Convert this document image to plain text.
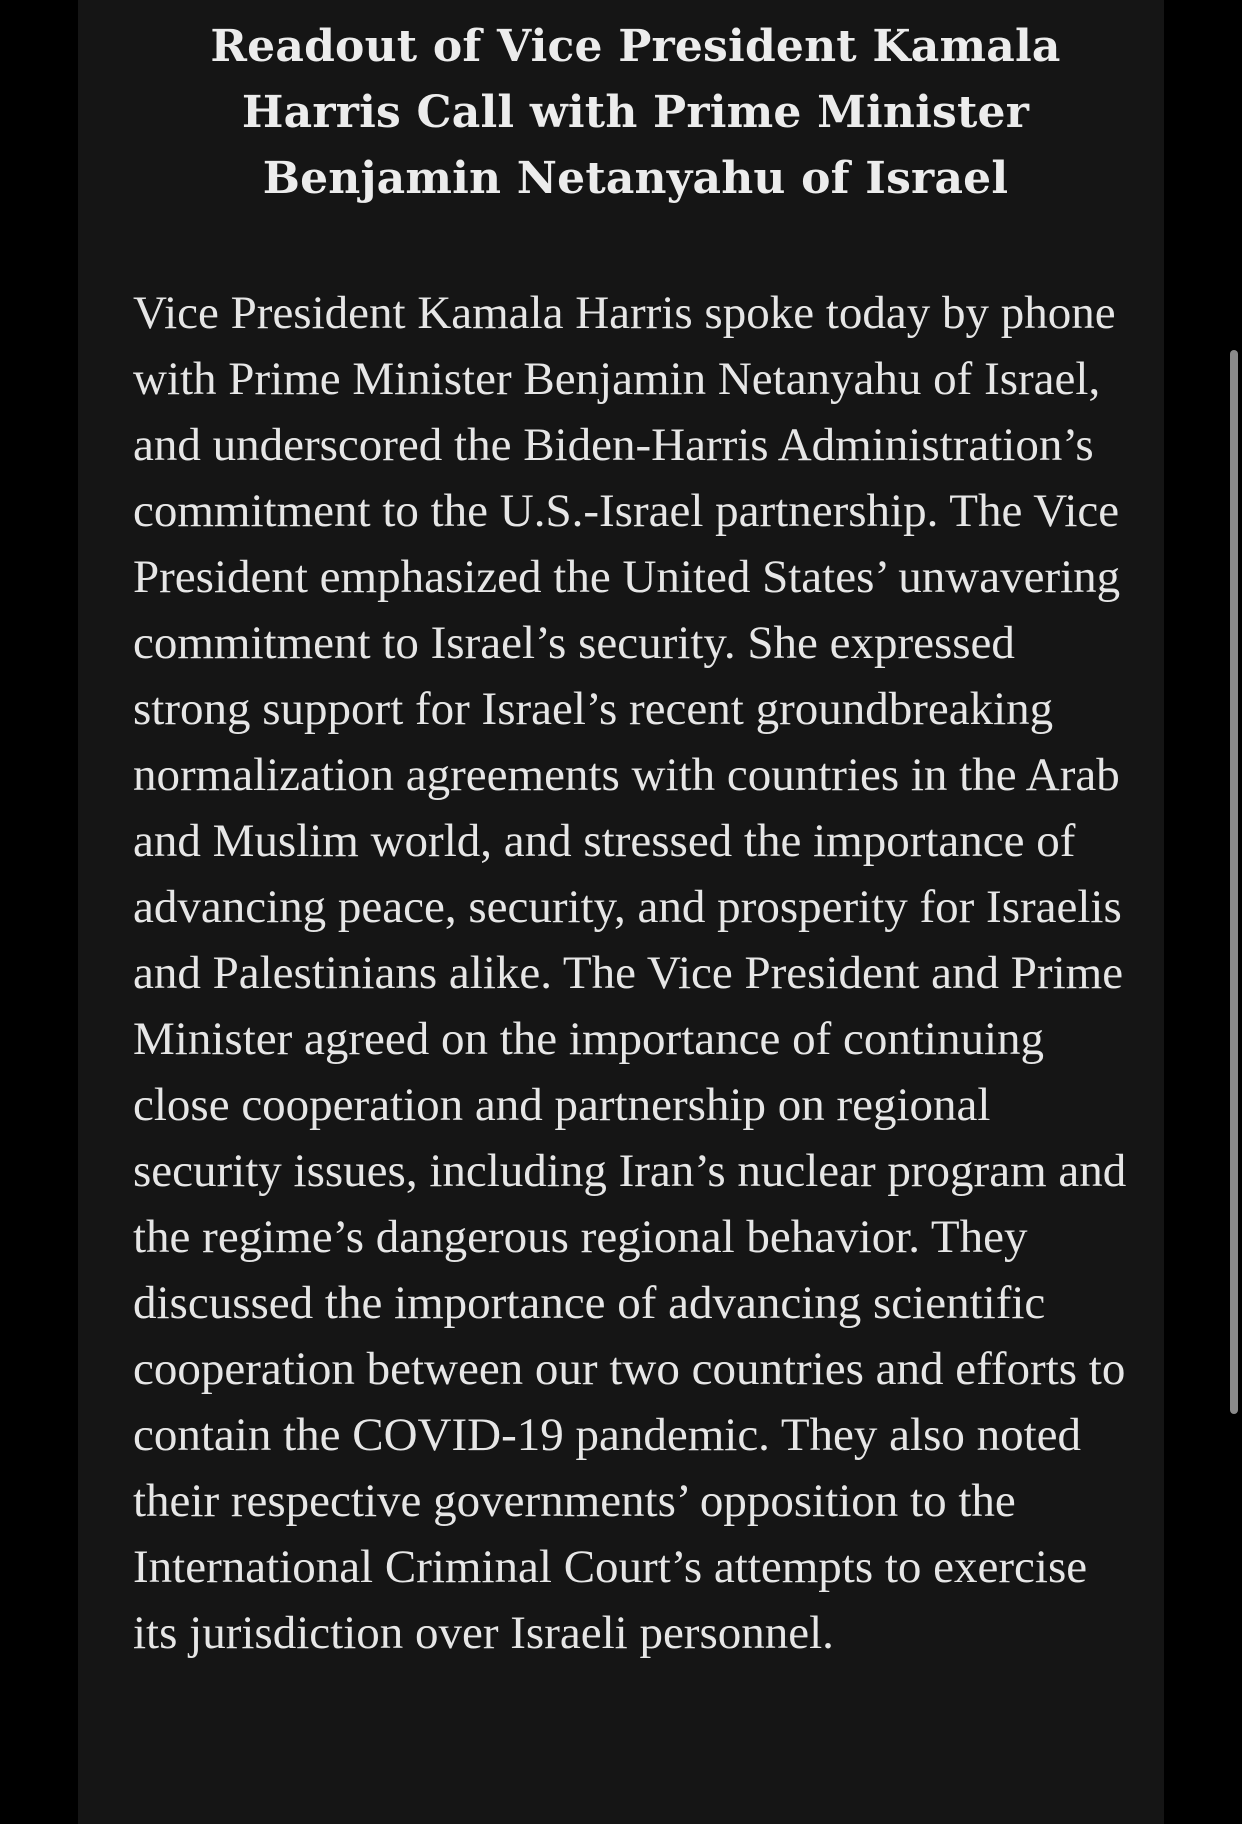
Readout of Vice President Kamala Harris Call with Prime Minister Benjamin Netanyahu of Israel

Vice President Kamala Harris spoke today by phone with Prime Minister Benjamin Netanyahu of Israel, and underscored the Biden-Harris Administration’s commitment to the U.S.-Israel partnership. The Vice President emphasized the United States’ unwavering commitment to Israel’s security. She expressed strong support for Israel’s recent groundbreaking normalization agreements with countries in the Arab and Muslim world, and stressed the importance of advancing peace, security, and prosperity for Israelis and Palestinians alike. The Vice President and Prime Minister agreed on the importance of continuing close cooperation and partnership on regional security issues, including Iran’s nuclear program and the regime’s dangerous regional behavior. They discussed the importance of advancing scientific cooperation between our two countries and efforts to contain the COVID-19 pandemic. They also noted their respective governments’ opposition to the International Criminal Court’s attempts to exercise its jurisdiction over Israeli personnel.
